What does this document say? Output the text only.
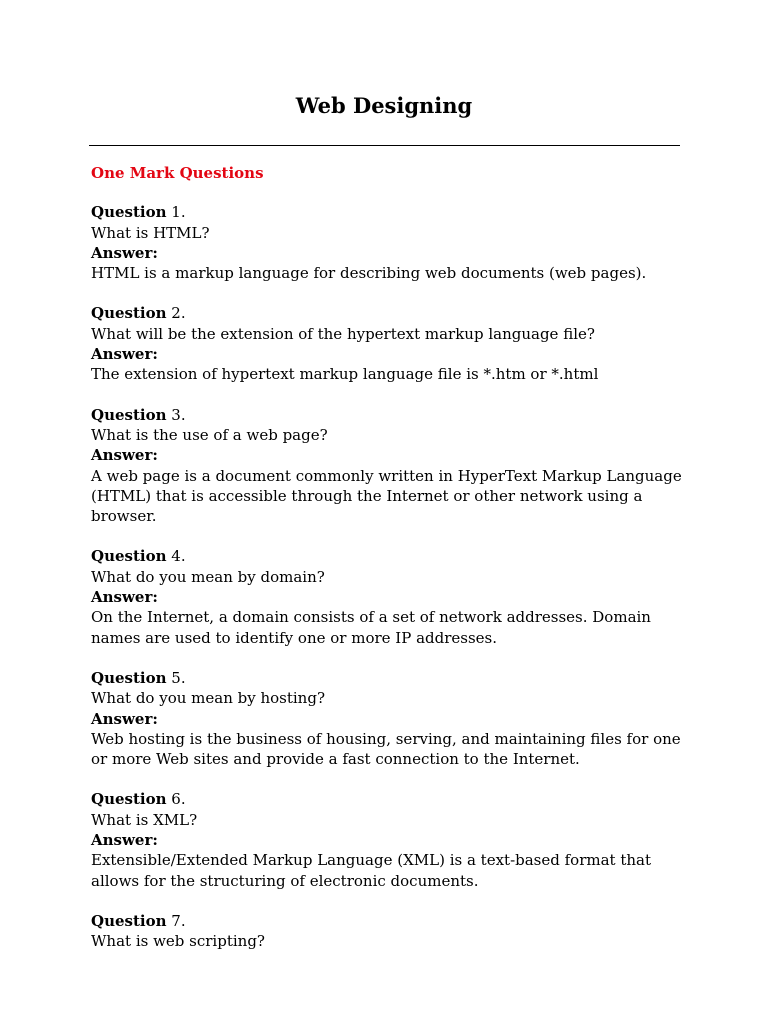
Web Designing
One Mark Questions
Question 1.
What is HTML?
Answer:
HTML is a markup language for describing web documents (web pages).
Question 2.
What will be the extension of the hypertext markup language file?
Answer:
The extension of hypertext markup language file is *.htm or *.html
Question 3.
What is the use of a web page?
Answer:
A web page is a document commonly written in HyperText Markup Language (HTML) that is accessible through the Internet or other network using a browser.
Question 4.
What do you mean by domain?
Answer:
On the Internet, a domain consists of a set of network addresses. Domain names are used to identify one or more IP addresses.
Question 5.
What do you mean by hosting?
Answer:
Web hosting is the business of housing, serving, and maintaining files for one or more Web sites and provide a fast connection to the Internet.
Question 6.
What is XML?
Answer:
Extensible/Extended Markup Language (XML) is a text-based format that allows for the structuring of electronic documents.
Question 7.
What is web scripting?
